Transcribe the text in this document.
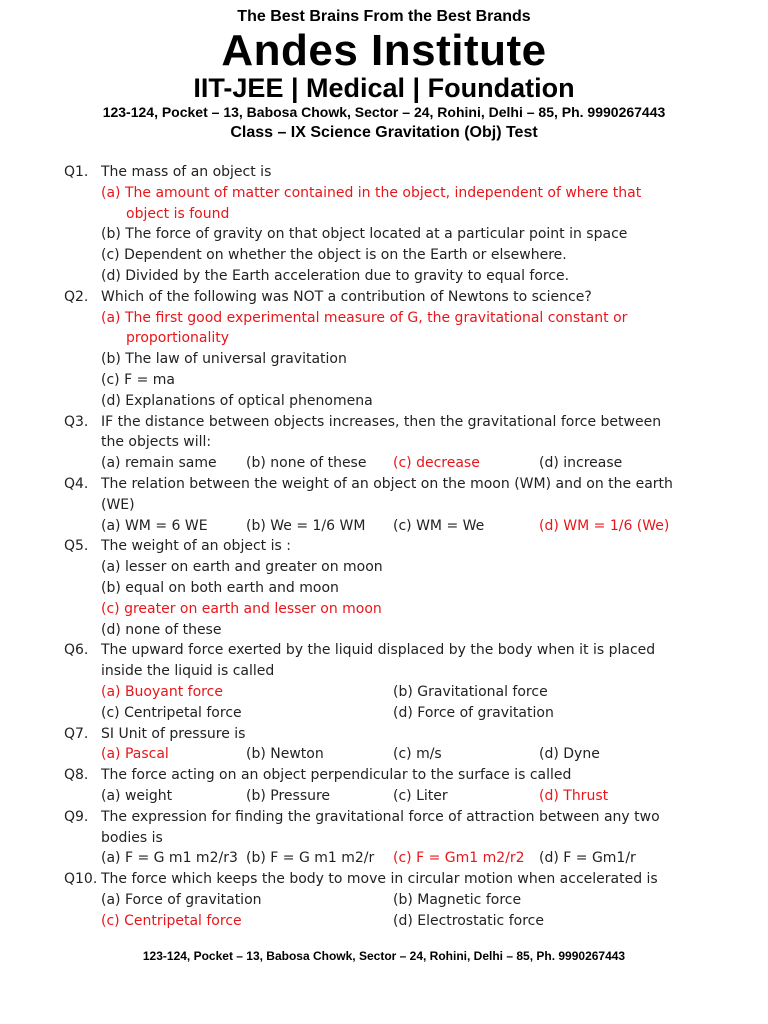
The Best Brains From the Best Brands
Andes Institute
IIT-JEE | Medical | Foundation
123-124, Pocket – 13, Babosa Chowk, Sector – 24, Rohini, Delhi – 85, Ph. 9990267443
Class – IX Science Gravitation (Obj) Test
Q1. The mass of an object is
(a) The amount of matter contained in the object, independent of where that
object is found
(b) The force of gravity on that object located at a particular point in space
(c) Dependent on whether the object is on the Earth or elsewhere.
(d) Divided by the Earth acceleration due to gravity to equal force.
Q2. Which of the following was NOT a contribution of Newtons to science?
(a) The first good experimental measure of G, the gravitational constant or
proportionality
(b) The law of universal gravitation
(c) F = ma
(d) Explanations of optical phenomena
Q3. IF the distance between objects increases, then the gravitational force between
the objects will:
(a) remain same (b) none of these (c) decrease	(d) increase
Q4. The relation between the weight of an object on the moon (WM) and on the earth
(WE)
(a) WM = 6 WE	(b) We = 1/6 WM (c) WM = We	(d) WM = 1/6 (We)
Q5. The weight of an object is :
(a) lesser on earth and greater on moon
(b) equal on both earth and moon
(c) greater on earth and lesser on moon
(d) none of these
Q6. The upward force exerted by the liquid displaced by the body when it is placed
inside the liquid is called
(a) Buoyant force	(b) Gravitational force
(c) Centripetal force	(d) Force of gravitation
Q7. SI Unit of pressure is
(a) Pascal	(b) Newton	(c) m/s	(d) Dyne
Q8. The force acting on an object perpendicular to the surface is called
(a) weight	(b) Pressure	(c) Liter	(d) Thrust
Q9. The expression for finding the gravitational force of attraction between any two
bodies is
(a) F = G m1 m2/r3 (b) F = G m1 m2/r (c) F = Gm1 m2/r2 (d) F = Gm1/r
Q10. The force which keeps the body to move in circular motion when accelerated is
(a) Force of gravitation	(b) Magnetic force
(c) Centripetal force	(d) Electrostatic force
123-124, Pocket – 13, Babosa Chowk, Sector – 24, Rohini, Delhi – 85, Ph. 9990267443
